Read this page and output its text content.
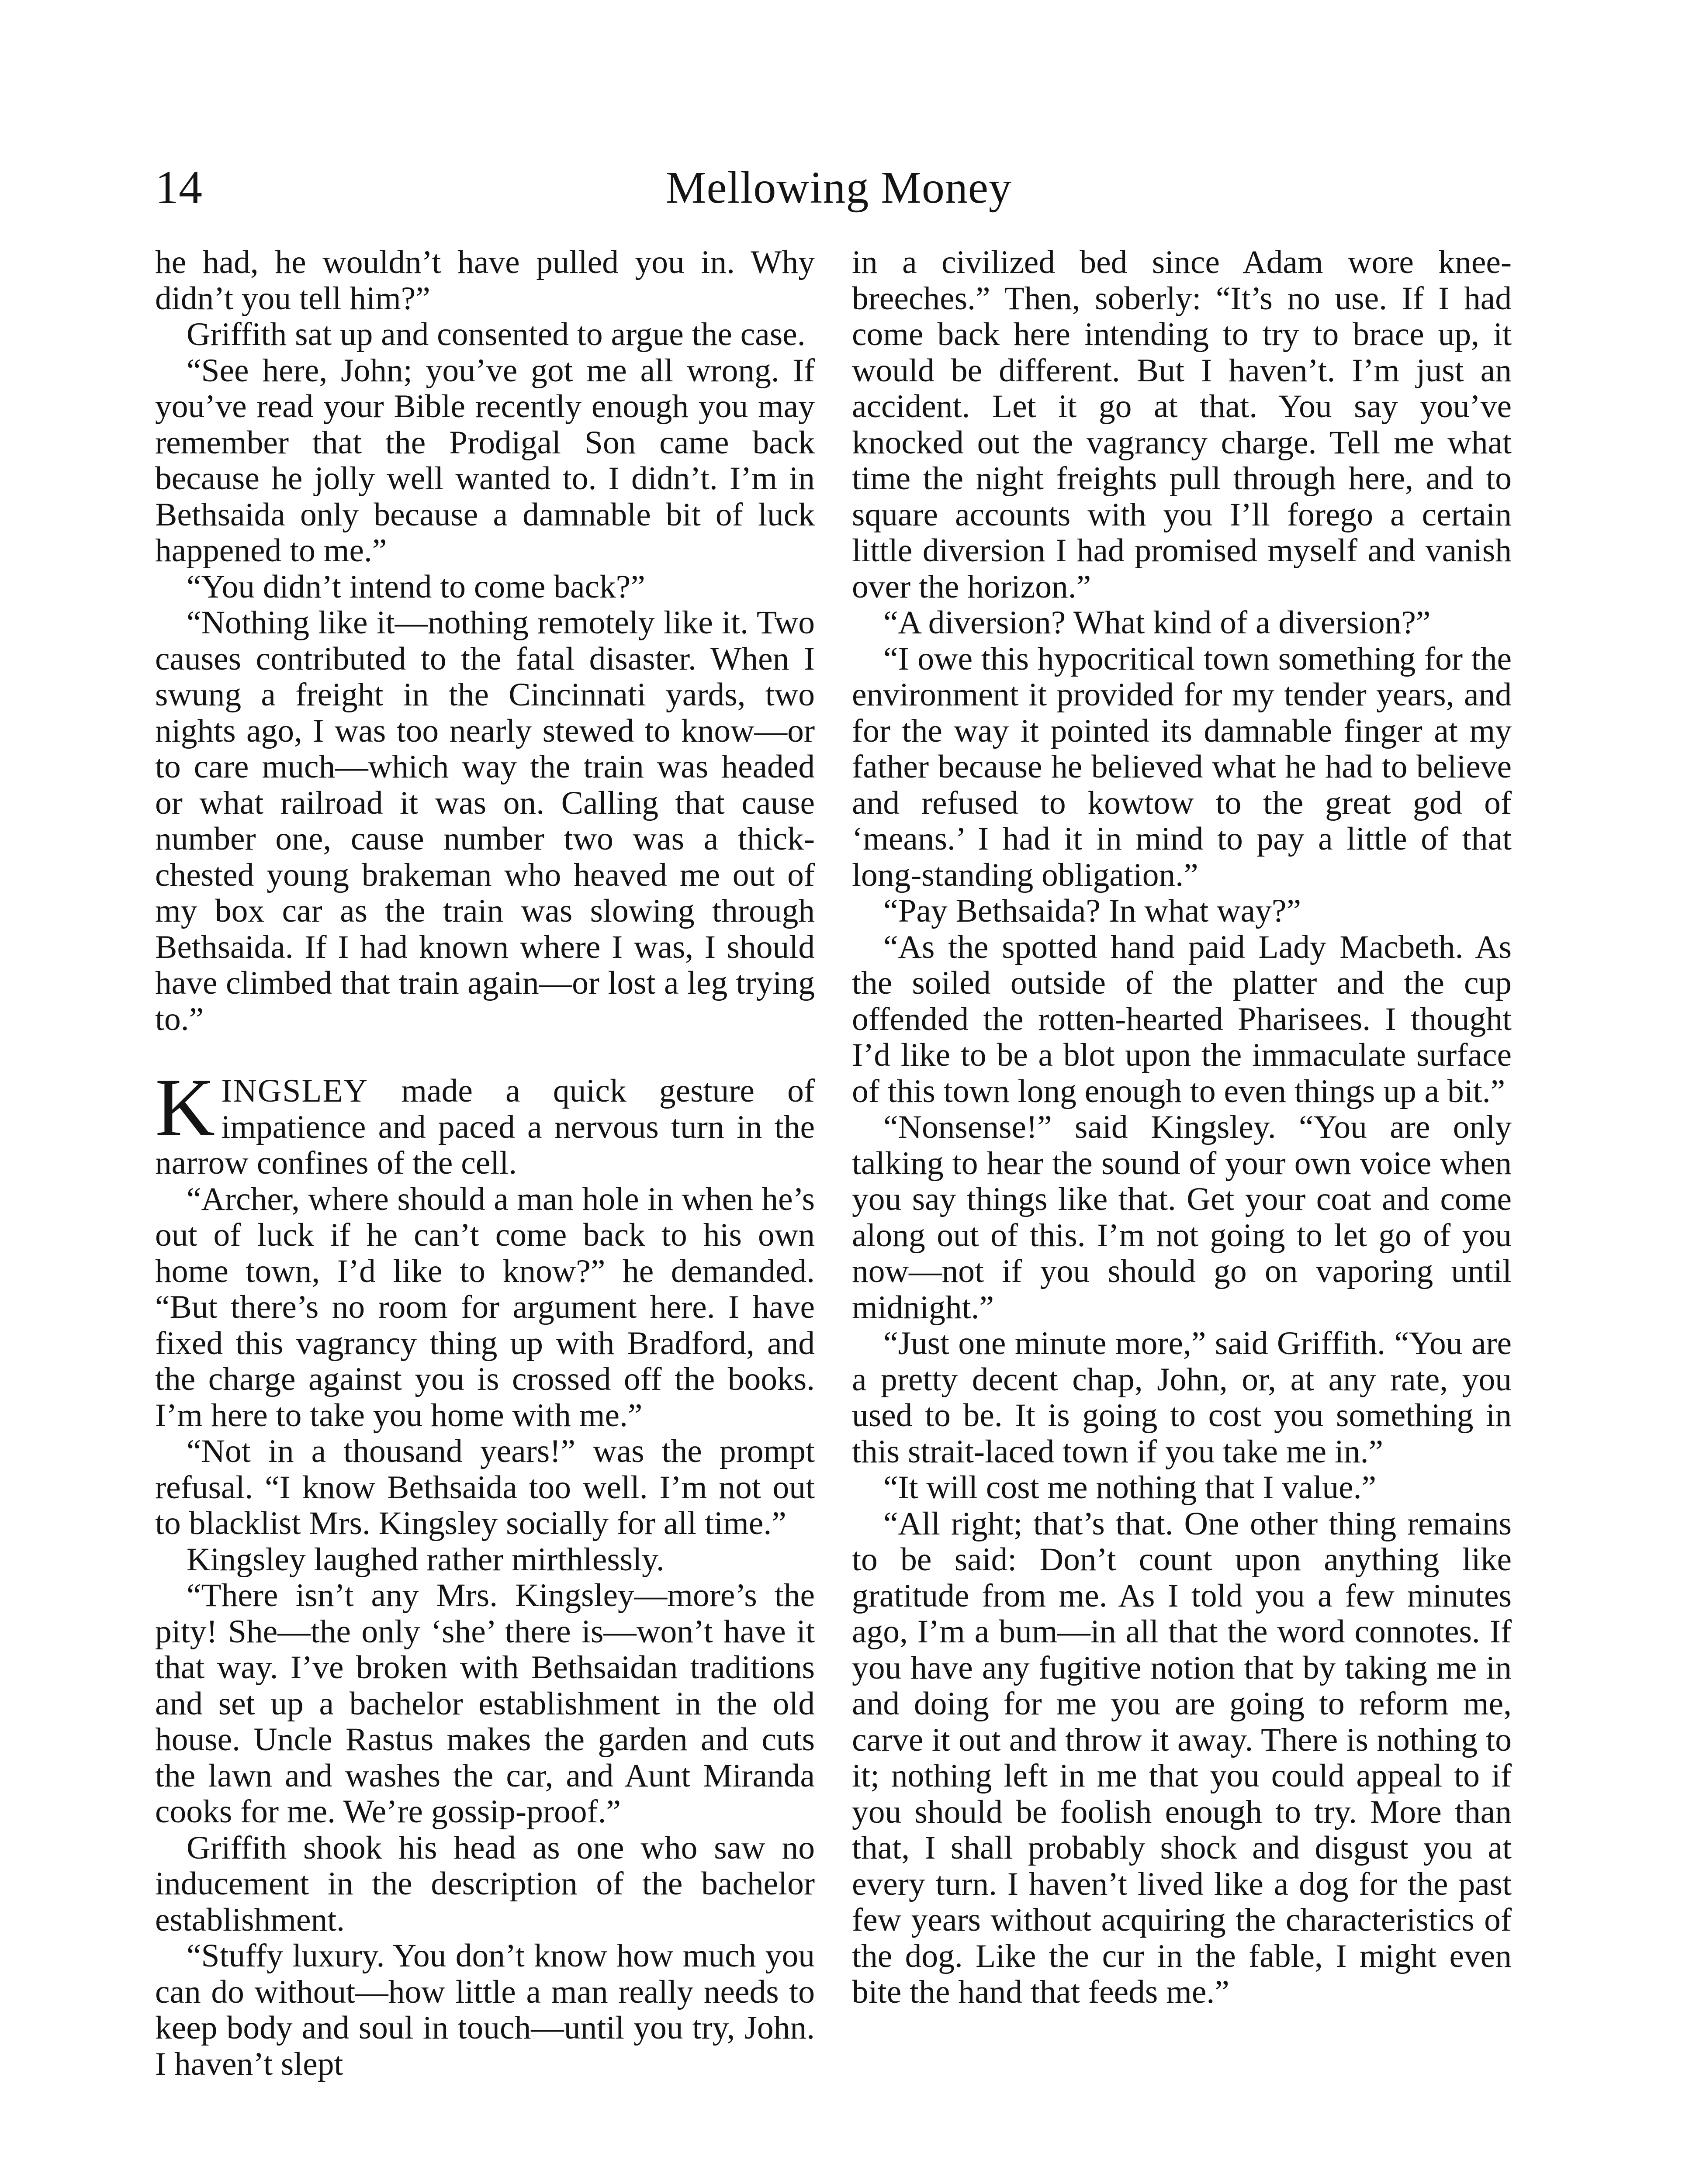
14	Mellowing Money

he had, he wouldn’t have pulled you in. Why didn’t you tell him?”

Griffith sat up and consented to argue the case.

“See here, John; you’ve got me all wrong. If you’ve read your Bible recently enough you may remember that the Prodigal Son came back because he jolly well wanted to. I didn’t. I’m in Bethsaida only because a damnable bit of luck happened to me.”

“You didn’t intend to come back?”

“Nothing like it—nothing remotely like it. Two causes contributed to the fatal disaster. When I swung a freight in the Cincinnati yards, two nights ago, I was too nearly stewed to know—or to care much—which way the train was headed or what railroad it was on. Calling that cause number one, cause number two was a thick-chested young brakeman who heaved me out of my box car as the train was slowing through Bethsaida. If I had known where I was, I should have climbed that train again—or lost a leg trying to.”

KINGSLEY made a quick gesture of impatience and paced a nervous turn in the narrow confines of the cell.

“Archer, where should a man hole in when he’s out of luck if he can’t come back to his own home town, I’d like to know?” he demanded. “But there’s no room for argument here. I have fixed this vagrancy thing up with Bradford, and the charge against you is crossed off the books. I’m here to take you home with me.”

“Not in a thousand years!” was the prompt refusal. “I know Bethsaida too well. I’m not out to blacklist Mrs. Kingsley socially for all time.”

Kingsley laughed rather mirthlessly.

“There isn’t any Mrs. Kingsley—more’s the pity! She—the only ‘she’ there is—won’t have it that way. I’ve broken with Bethsaidan traditions and set up a bachelor establishment in the old house. Uncle Rastus makes the garden and cuts the lawn and washes the car, and Aunt Miranda cooks for me. We’re gossip-proof.”

Griffith shook his head as one who saw no inducement in the description of the bachelor establishment.

“Stuffy luxury. You don’t know how much you can do without—how little a man really needs to keep body and soul in touch—until you try, John. I haven’t slept

in a civilized bed since Adam wore knee-breeches.” Then, soberly: “It’s no use. If I had come back here intending to try to brace up, it would be different. But I haven’t. I’m just an accident. Let it go at that. You say you’ve knocked out the vagrancy charge. Tell me what time the night freights pull through here, and to square accounts with you I’ll forego a certain little diversion I had promised myself and vanish over the horizon.”

“A diversion? What kind of a diversion?”

“I owe this hypocritical town something for the environment it provided for my tender years, and for the way it pointed its damnable finger at my father because he believed what he had to believe and refused to kowtow to the great god of ‘means.’ I had it in mind to pay a little of that long-standing obligation.”

“Pay Bethsaida? In what way?”

“As the spotted hand paid Lady Macbeth. As the soiled outside of the platter and the cup offended the rotten-hearted Pharisees. I thought I’d like to be a blot upon the immaculate surface of this town long enough to even things up a bit.”

“Nonsense!” said Kingsley. “You are only talking to hear the sound of your own voice when you say things like that. Get your coat and come along out of this. I’m not going to let go of you now—not if you should go on vaporing until midnight.”

“Just one minute more,” said Griffith. “You are a pretty decent chap, John, or, at any rate, you used to be. It is going to cost you something in this strait-laced town if you take me in.”

“It will cost me nothing that I value.”

“All right; that’s that. One other thing remains to be said: Don’t count upon anything like gratitude from me. As I told you a few minutes ago, I’m a bum—in all that the word connotes. If you have any fugitive notion that by taking me in and doing for me you are going to reform me, carve it out and throw it away. There is nothing to it; nothing left in me that you could appeal to if you should be foolish enough to try. More than that, I shall probably shock and disgust you at every turn. I haven’t lived like a dog for the past few years without acquiring the characteristics of the dog. Like the cur in the fable, I might even bite the hand that feeds me.”
